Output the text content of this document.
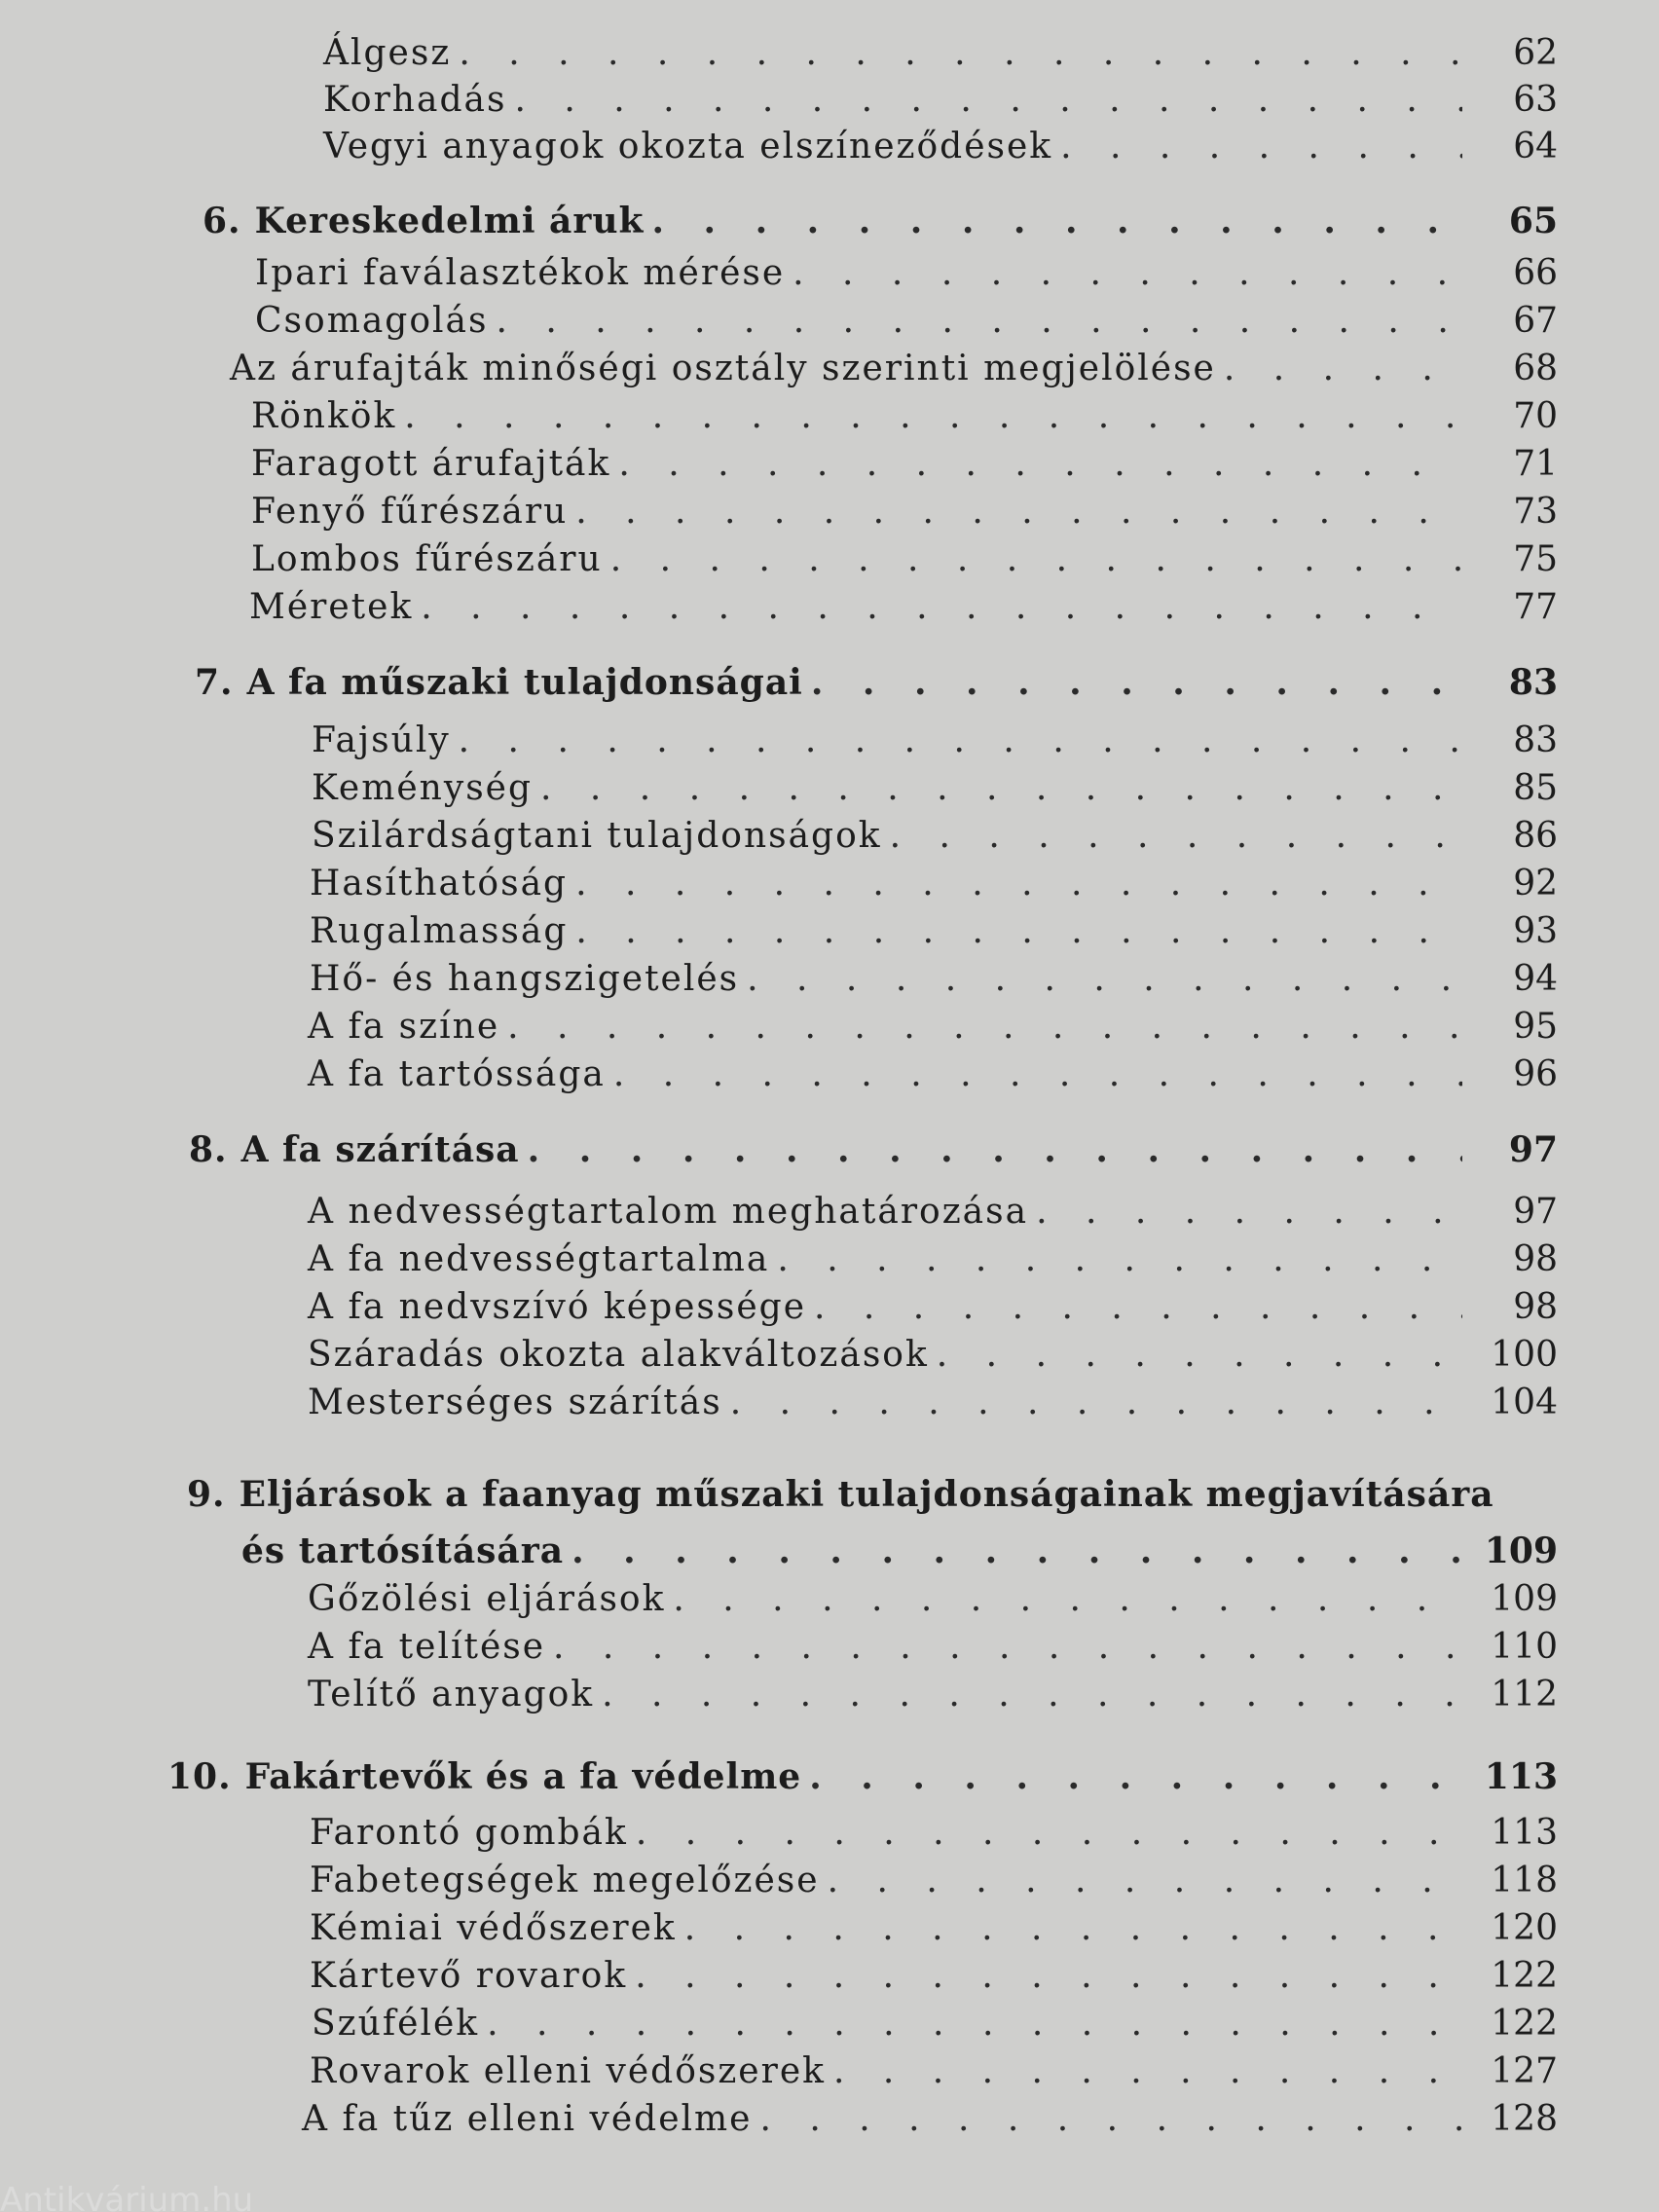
Álgesz . . .	62
Korhadás . . .	63
Vegyi anyagok okozta elszíneződések . . .	64
6. Kereskedelmi áruk . . .	65
Ipari faválasztékok mérése . . .	66
Csomagolás . . .	67
Az árufajták minőségi osztály szerinti megjelölése . . .	68
Rönkök . . .	70
Faragott árufajták . . .	71
Fenyő fűrészáru . . .	73
Lombos fűrészáru . . .	75
Méretek . . .	77
7. A fa műszaki tulajdonságai . . .	83
Fajsúly . . .	83
Keménység . . .	85
Szilárdságtani tulajdonságok . . .	86
Hasíthatóság . . .	92
Rugalmasság . . .	93
Hő- és hangszigetelés . . .	94
A fa színe . . .	95
A fa tartóssága . . .	96
8. A fa szárítása . . .	97
A nedvességtartalom meghatározása . . .	97
A fa nedvességtartalma . . .	98
A fa nedvszívó képessége . . .	98
Száradás okozta alakváltozások . . .	100
Mesterséges szárítás . . .	104
9. Eljárások a faanyag műszaki tulajdonságainak megjavítására
és tartósítására . . .	109
Gőzölési eljárások . . .	109
A fa telítése . . .	110
Telítő anyagok . . .	112
10. Fakártevők és a fa védelme . . .	113
Farontó gombák . . .	113
Fabetegségek megelőzése . . .	118
Kémiai védőszerek . . .	120
Kártevő rovarok . . .	122
Szúfélék . . .	122
Rovarok elleni védőszerek . . .	127
A fa tűz elleni védelme . . .	128
Antikvárium.hu
